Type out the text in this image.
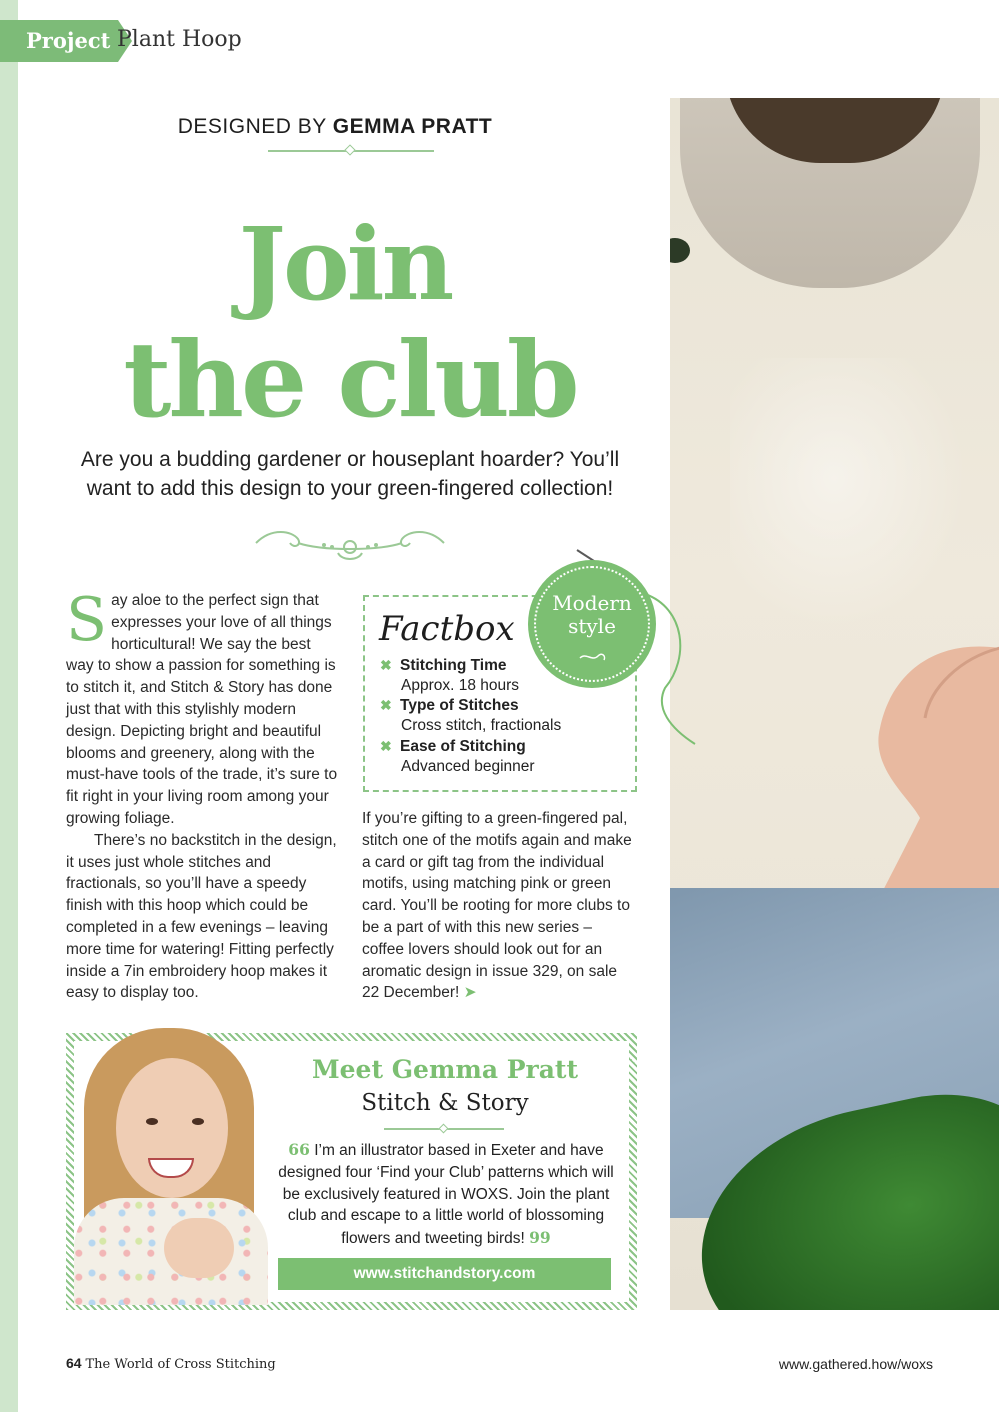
Project Plant Hoop
DESIGNED BY GEMMA PRATT
Join
the club
Are you a budding gardener or houseplant hoarder? You’ll want to add this design to your green-fingered collection!

Say aloe to the perfect sign that expresses your love of all things horticultural! We say the best way to show a passion for something is to stitch it, and Stitch & Story has done just that with this stylishly modern design. Depicting bright and beautiful blooms and greenery, along with the must-have tools of the trade, it’s sure to fit right in your living room among your growing foliage.

There’s no backstitch in the design, it uses just whole stitches and fractionals, so you’ll have a speedy finish with this hoop which could be completed in a few evenings – leaving more time for watering! Fitting perfectly inside a 7in embroidery hoop makes it easy to display too.

Factbox
✖ Stitching Time
Approx. 18 hours
✖ Type of Stitches
Cross stitch, fractionals
✖ Ease of Stitching
Advanced beginner
Modern
style

If you’re gifting to a green-fingered pal, stitch one of the motifs again and make a card or gift tag from the individual motifs, using matching pink or green card. You’ll be rooting for more clubs to be a part of with this new series – coffee lovers should look out for an aromatic design in issue 329, on sale 22 December! ➤

Meet Gemma Pratt
Stitch & Story
66 I’m an illustrator based in Exeter and have designed four ‘Find your Club’ patterns which will be exclusively featured in WOXS. Join the plant club and escape to a little world of blossoming flowers and tweeting birds! 99
www.stitchandstory.com
64 The World of Cross Stitching	www.gathered.how/woxs
